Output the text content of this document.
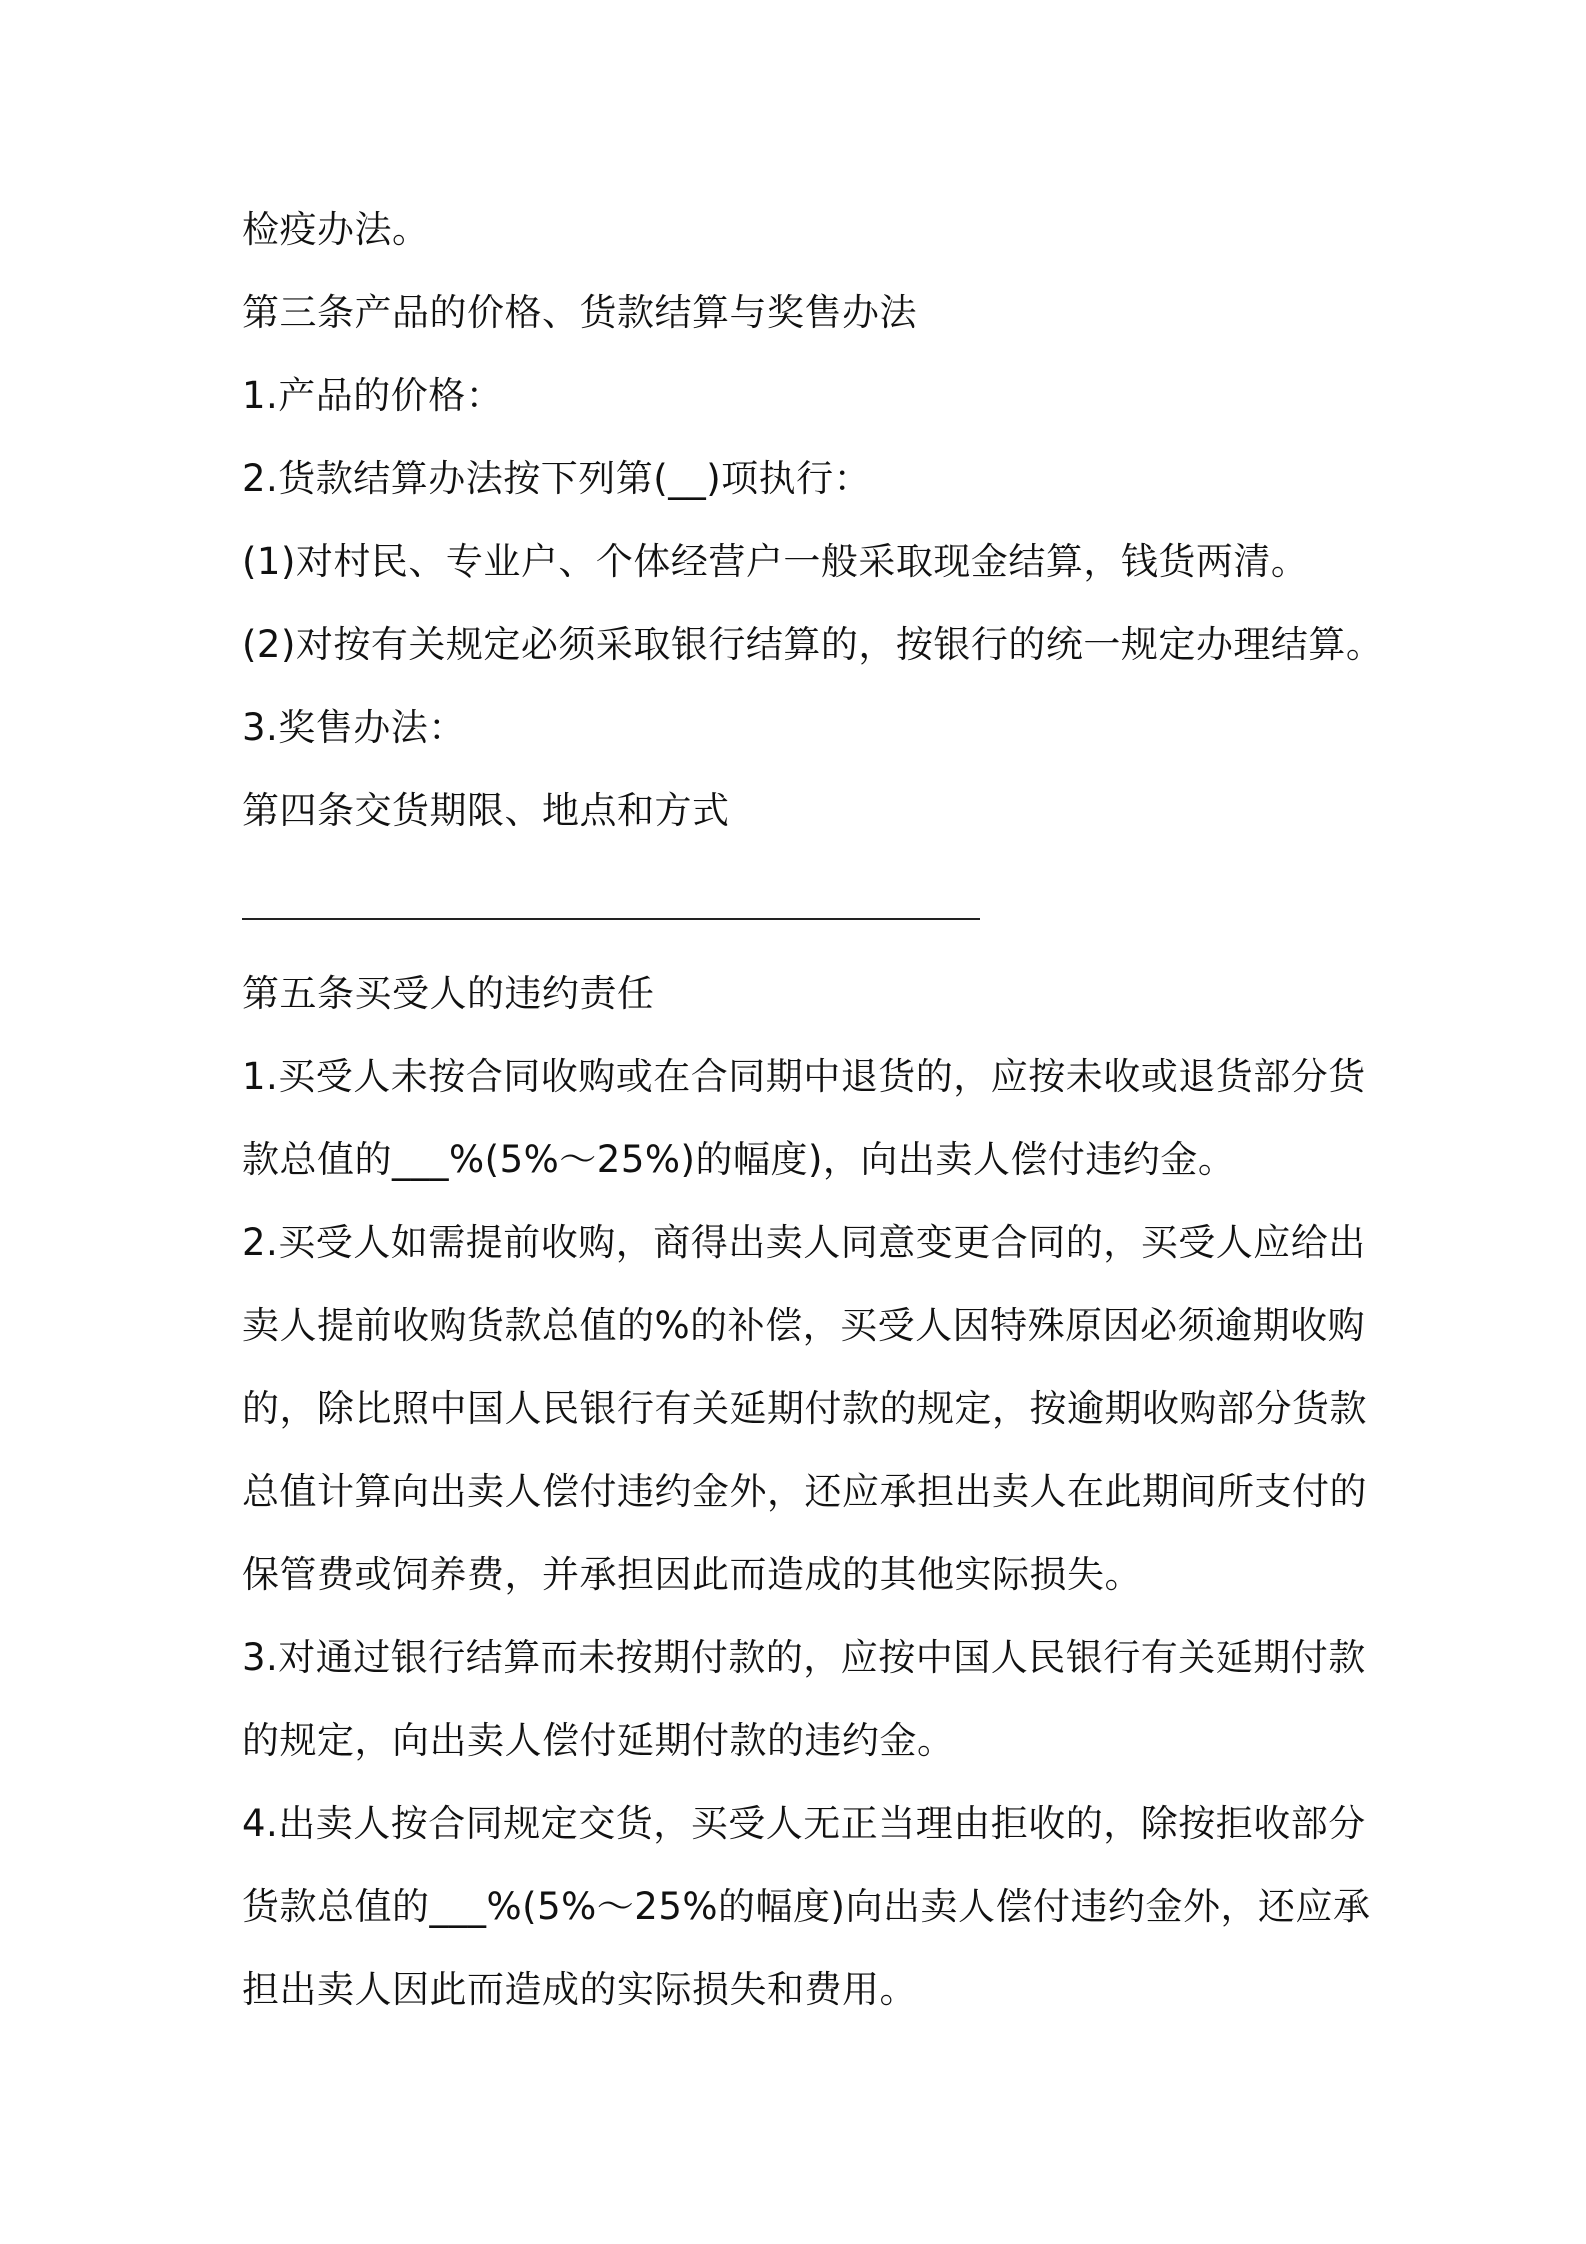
检疫办法。
第三条产品的价格、货款结算与奖售办法
1.产品的价格：
2.货款结算办法按下列第(__)项执行：
(1)对村民、专业户、个体经营户一般采取现金结算，钱货两清。
(2)对按有关规定必须采取银行结算的，按银行的统一规定办理结算。
3.奖售办法：
第四条交货期限、地点和方式
第五条买受人的违约责任
1.买受人未按合同收购或在合同期中退货的，应按未收或退货部分货
款总值的___%(5%～25%)的幅度)，向出卖人偿付违约金。
2.买受人如需提前收购，商得出卖人同意变更合同的，买受人应给出
卖人提前收购货款总值的%的补偿，买受人因特殊原因必须逾期收购
的，除比照中国人民银行有关延期付款的规定，按逾期收购部分货款
总值计算向出卖人偿付违约金外，还应承担出卖人在此期间所支付的
保管费或饲养费，并承担因此而造成的其他实际损失。
3.对通过银行结算而未按期付款的，应按中国人民银行有关延期付款
的规定，向出卖人偿付延期付款的违约金。
4.出卖人按合同规定交货，买受人无正当理由拒收的，除按拒收部分
货款总值的___%(5%～25%的幅度)向出卖人偿付违约金外，还应承
担出卖人因此而造成的实际损失和费用。
